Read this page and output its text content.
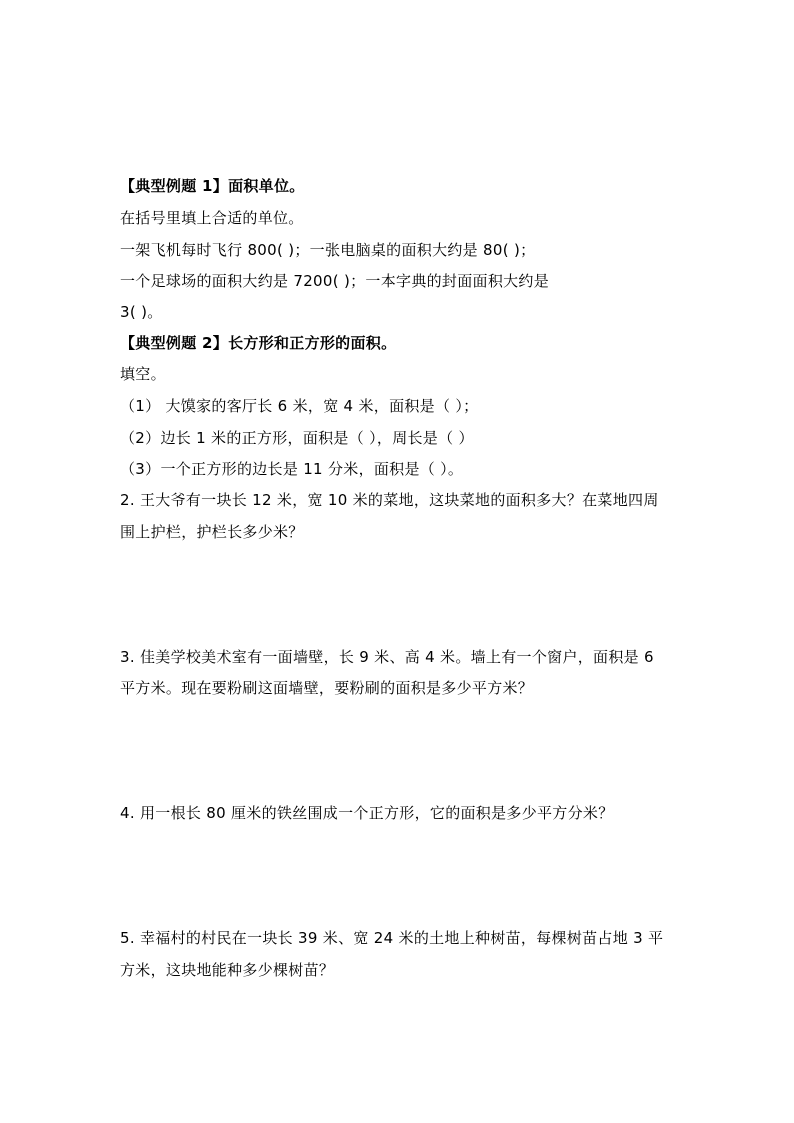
【典型例题 1】面积单位。
在括号里填上合适的单位。
一架飞机每时飞行 800( )；一张电脑桌的面积大约是 80( )；
一个足球场的面积大约是 7200( )；一本字典的封面面积大约是
3( )。
【典型例题 2】长方形和正方形的面积。
填空。
（1） 大馍家的客厅长 6 米，宽 4 米，面积是（ ）；
（2）边长 1 米的正方形，面积是（ ），周长是（ ）
（3）一个正方形的边长是 11 分米，面积是（ ）。
2. 王大爷有一块长 12 米，宽 10 米的菜地，这块菜地的面积多大？在菜地四周
围上护栏，护栏长多少米？
3. 佳美学校美术室有一面墙壁，长 9 米、高 4 米。墙上有一个窗户，面积是 6
平方米。现在要粉刷这面墙壁，要粉刷的面积是多少平方米？
4. 用一根长 80 厘米的铁丝围成一个正方形，它的面积是多少平方分米？
5. 幸福村的村民在一块长 39 米、宽 24 米的土地上种树苗，每棵树苗占地 3 平
方米，这块地能种多少棵树苗？
